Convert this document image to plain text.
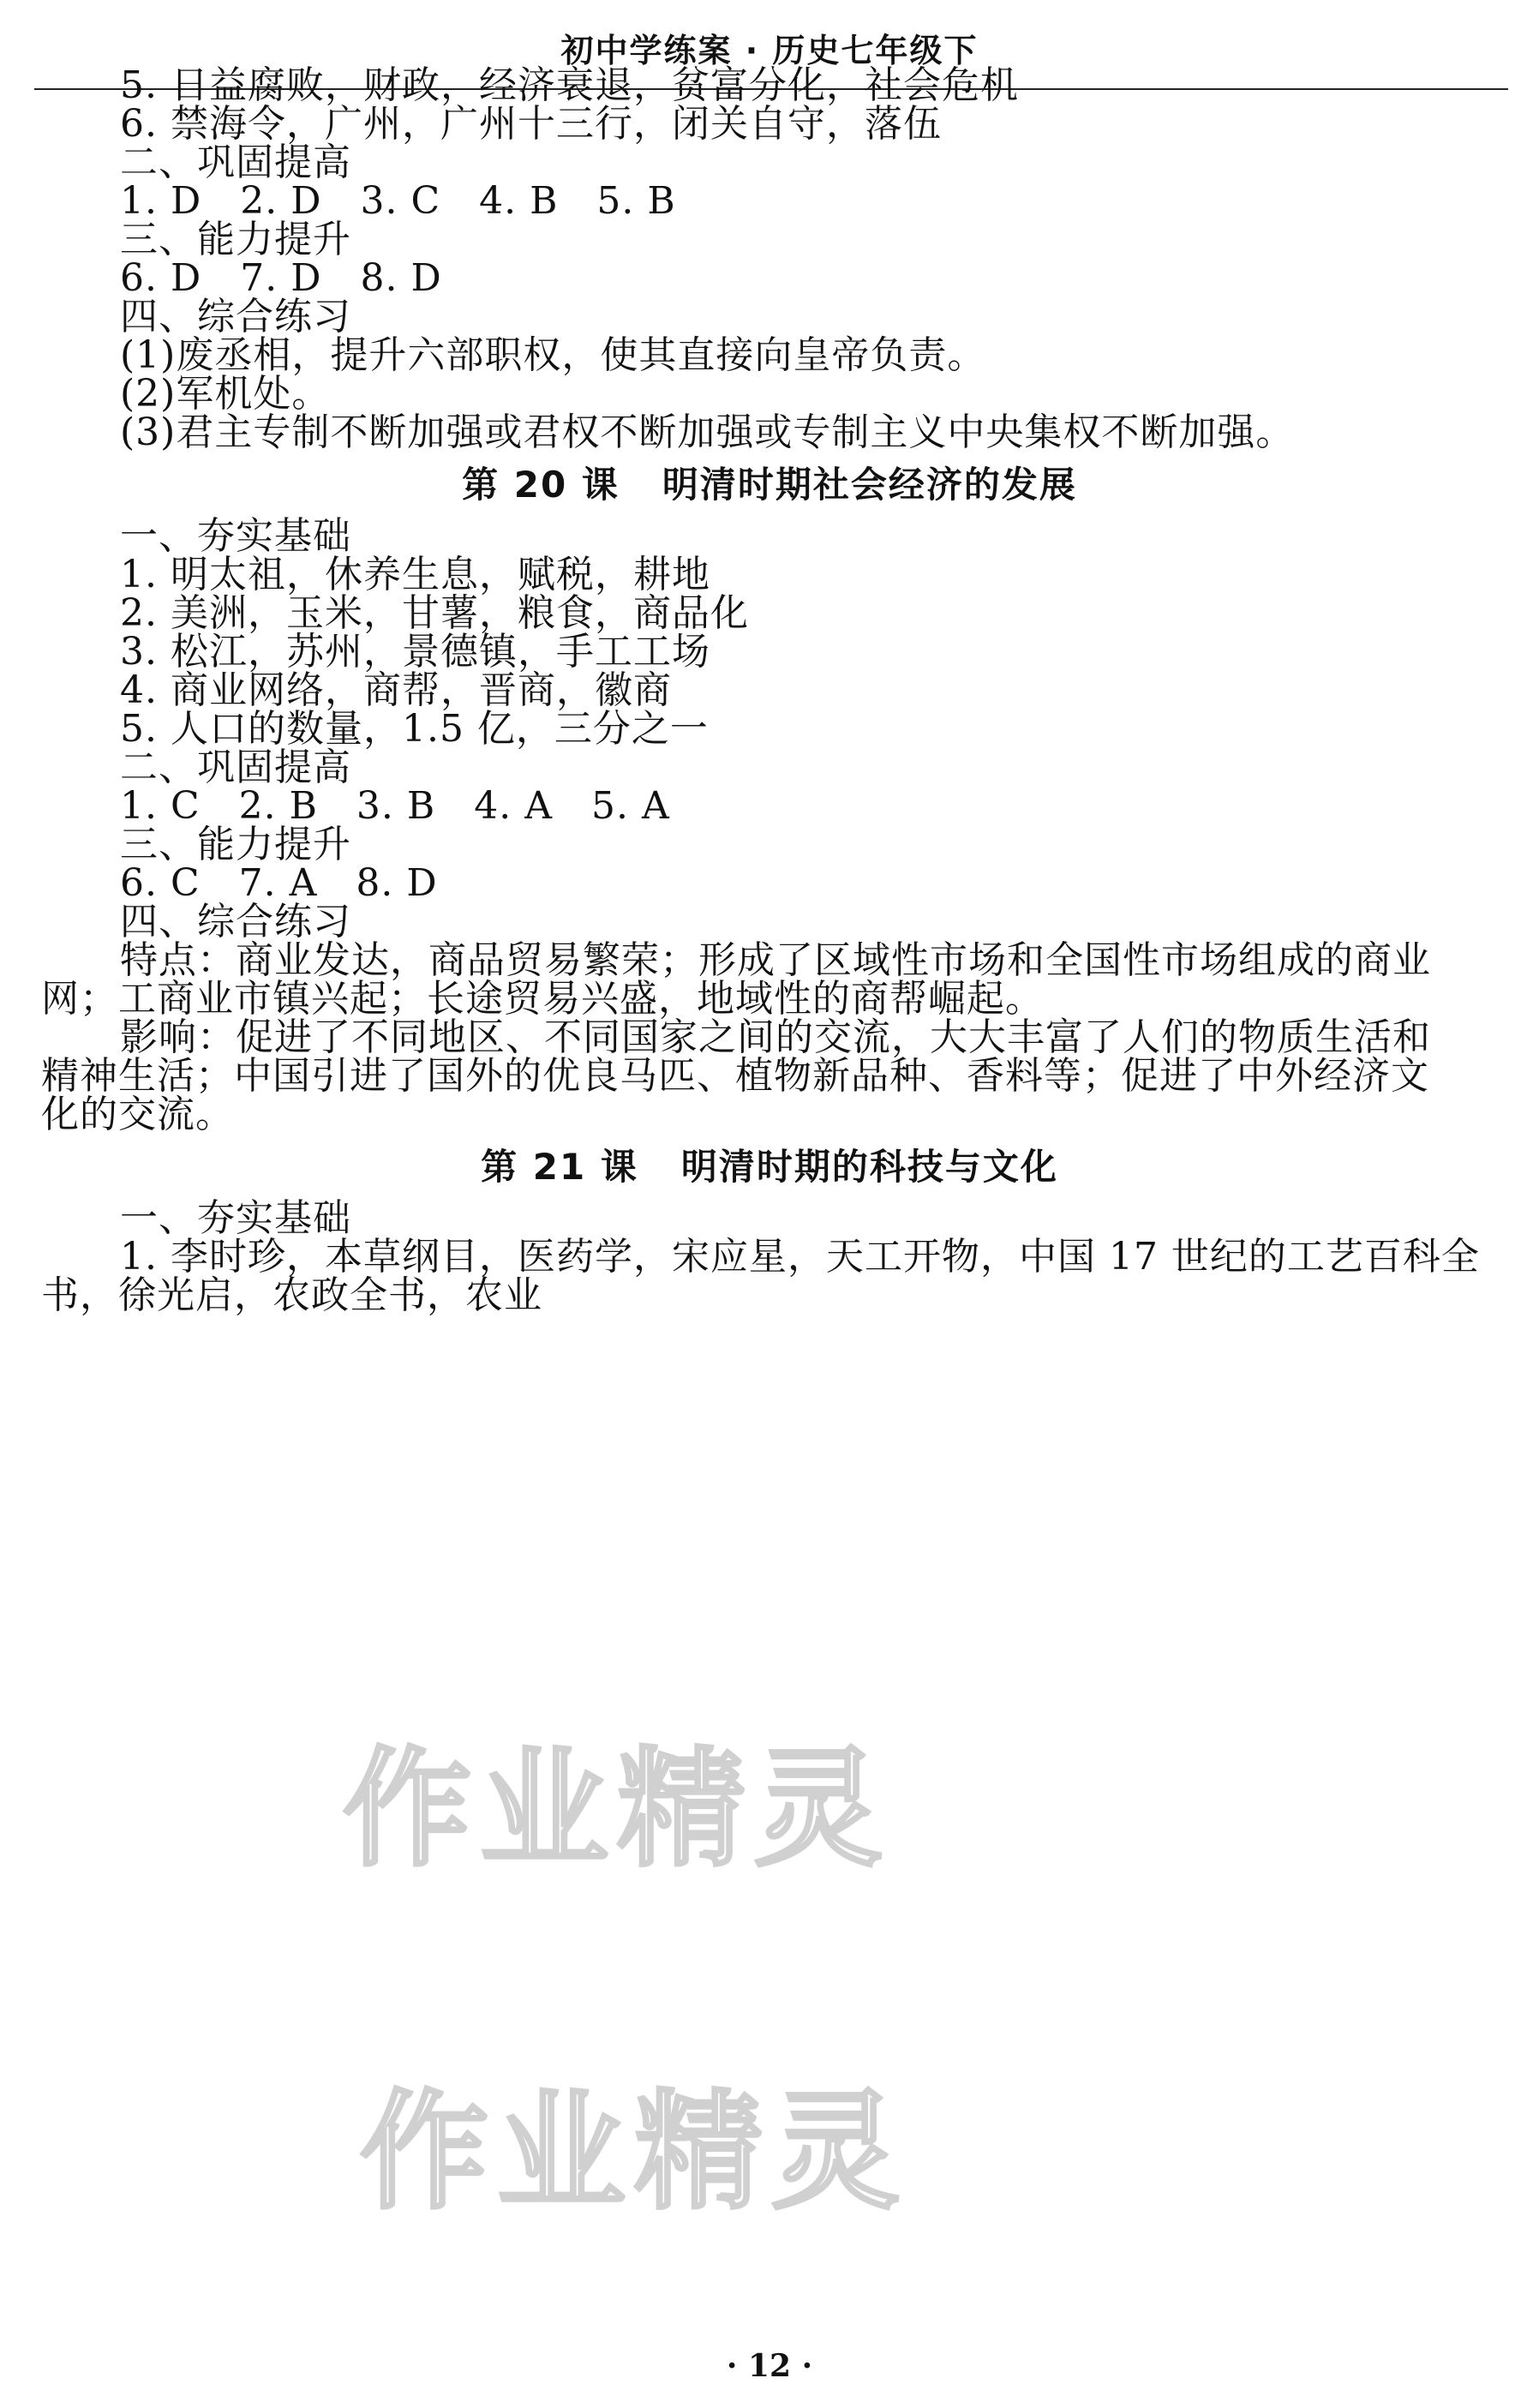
初中学练案 · 历史七年级下
5. 日益腐败，财政，经济衰退，贫富分化，社会危机
6. 禁海令，广州，广州十三行，闭关自守，落伍
二、巩固提高
1. D　2. D　3. C　4. B　5. B
三、能力提升
6. D　7. D　8. D
四、综合练习
(1)废丞相，提升六部职权，使其直接向皇帝负责。
(2)军机处。
(3)君主专制不断加强或君权不断加强或专制主义中央集权不断加强。
第 20 课 明清时期社会经济的发展
一、夯实基础
1. 明太祖，休养生息，赋税，耕地
2. 美洲，玉米，甘薯，粮食，商品化
3. 松江，苏州，景德镇，手工工场
4. 商业网络，商帮，晋商，徽商
5. 人口的数量，1.5 亿，三分之一
二、巩固提高
1. C　2. B　3. B　4. A　5. A
三、能力提升
6. C　7. A　8. D
四、综合练习
特点：商业发达，商品贸易繁荣；形成了区域性市场和全国性市场组成的商业
网；工商业市镇兴起；长途贸易兴盛，地域性的商帮崛起。
影响：促进了不同地区、不同国家之间的交流，大大丰富了人们的物质生活和
精神生活；中国引进了国外的优良马匹、植物新品种、香料等；促进了中外经济文
化的交流。
第 21 课 明清时期的科技与文化
一、夯实基础
1. 李时珍，本草纲目，医药学，宋应星，天工开物，中国 17 世纪的工艺百科全
书，徐光启，农政全书，农业
作业精灵
作业精灵
· 12 ·
